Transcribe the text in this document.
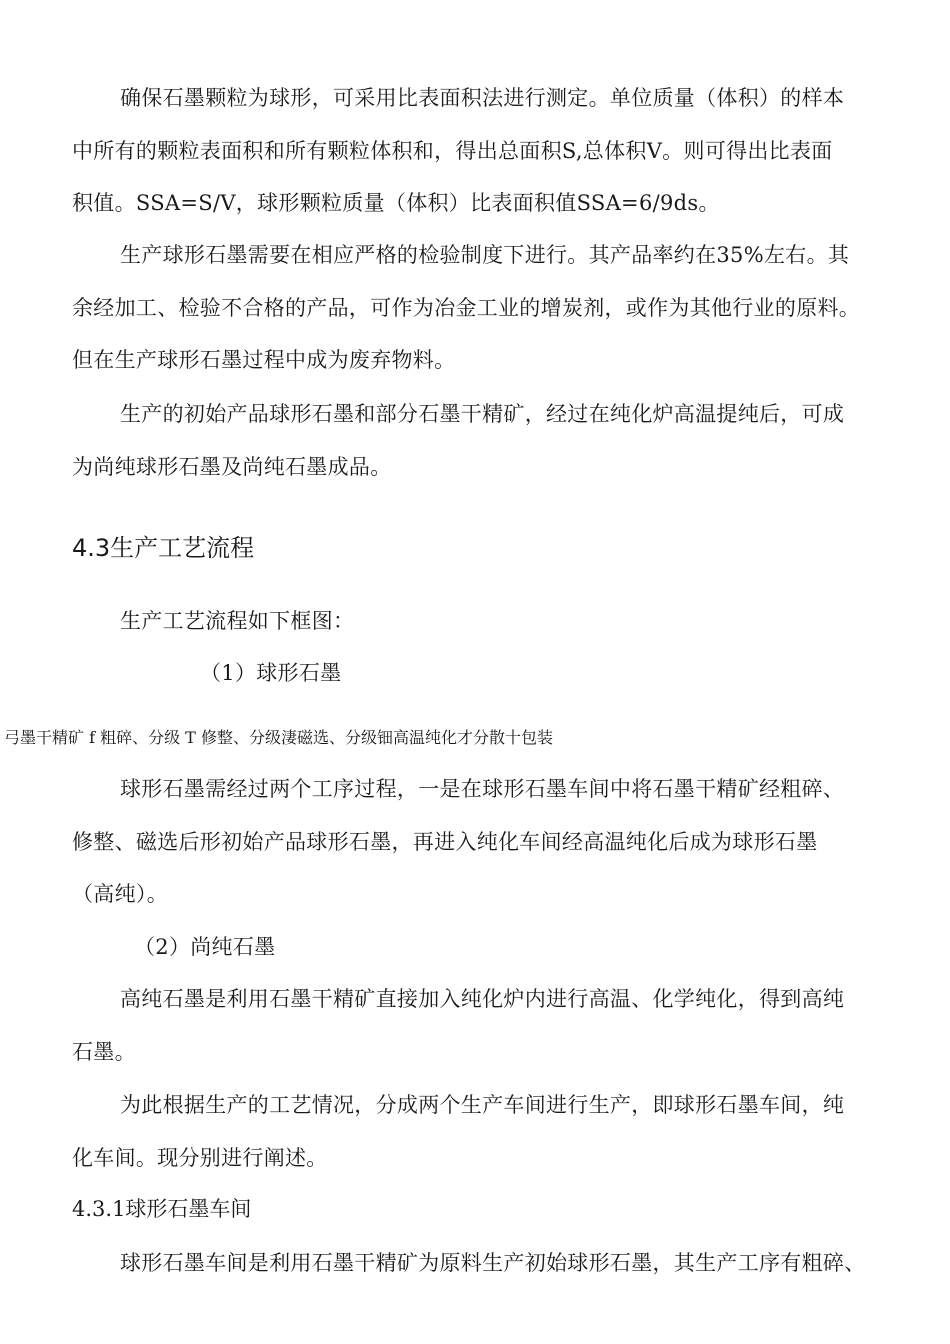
确保石墨颗粒为球形，可采用比表面积法进行测定。单位质量（体积）的样本
中所有的颗粒表面积和所有颗粒体积和，得出总面积S,总体积V。则可得出比表面
积值。SSA=S/V，球形颗粒质量（体积）比表面积值SSA=6/9ds。
生产球形石墨需要在相应严格的检验制度下进行。其产品率约在35%左右。其
余经加工、检验不合格的产品，可作为冶金工业的增炭剂，或作为其他行业的原料。
但在生产球形石墨过程中成为废弃物料。
生产的初始产品球形石墨和部分石墨干精矿，经过在纯化炉高温提纯后，可成
为尚纯球形石墨及尚纯石墨成品。
4.3生产工艺流程
生产工艺流程如下框图：
（1）球形石墨
弓墨干精矿 f 粗碎、分级 T 修整、分级淒磁选、分级钿高温纯化才分散十包装
球形石墨需经过两个工序过程，一是在球形石墨车间中将石墨干精矿经粗碎、
修整、磁选后形初始产品球形石墨，再进入纯化车间经高温纯化后成为球形石墨
（高纯）。
（2）尚纯石墨
高纯石墨是利用石墨干精矿直接加入纯化炉内进行高温、化学纯化，得到高纯
石墨。
为此根据生产的工艺情况，分成两个生产车间进行生产，即球形石墨车间，纯
化车间。现分别进行阐述。
4.3.1球形石墨车间
球形石墨车间是利用石墨干精矿为原料生产初始球形石墨，其生产工序有粗碎、
